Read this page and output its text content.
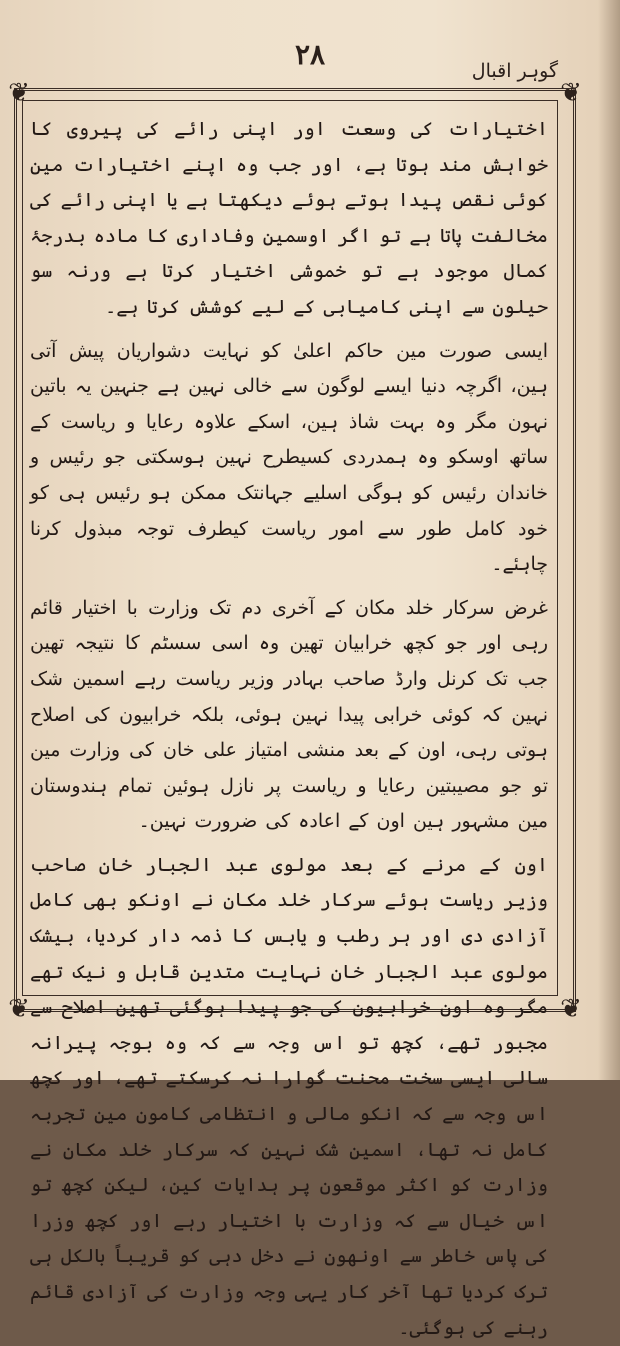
۲۸	گوہر اقبال
❦	❦
❦	❦

اختیارات کی وسعت اور اپنی رائے کی پیروی کا خواہش مند ہوتا ہے، اور جب وہ اپنے اختیارات مین کوئی نقص پیدا ہوتے ہوئے دیکھتا ہے یا اپنی رائے کی مخالفت پاتا ہے تو اگر اوسمین وفاداری کا مادہ بدرجۂ کمال موجود ہے تو خموشی اختیار کرتا ہے ورنہ سو حیلون سے اپنی کامیابی کے لیے کوشش کرتا ہے۔

ایسی صورت مین حاکم اعلیٰ کو نہایت دشواریان پیش آتی ہین، اگرچہ دنیا ایسے لوگون سے خالی نہین ہے جنہین یہ باتین نہون مگر وہ بہت شاذ ہین، اسکے علاوہ رعایا و ریاست کے ساتھ اوسکو وہ ہمدردی کسیطرح نہین ہوسکتی جو رئیس و خاندان رئیس کو ہوگی اسلیے جہانتک ممکن ہو رئیس ہی کو خود کامل طور سے امور ریاست کیطرف توجہ مبذول کرنا چاہئے۔

غرض سرکار خلد مکان کے آخری دم تک وزارت با اختیار قائم رہی اور جو کچھ خرابیان تھین وہ اسی سسٹم کا نتیجہ تھین جب تک کرنل وارڈ صاحب بہادر وزیر ریاست رہے اسمین شک نہین کہ کوئی خرابی پیدا نہین ہوئی، بلکہ خرابیون کی اصلاح ہوتی رہی، اون کے بعد منشی امتیاز علی خان کی وزارت مین تو جو مصیبتین رعایا و ریاست پر نازل ہوئین تمام ہندوستان مین مشہور ہین اون کے اعادہ کی ضرورت نہین۔

اون کے مرنے کے بعد مولوی عبد الجبار خان صاحب وزیر ریاست ہوئے سرکار خلد مکان نے اونکو بھی کامل آزادی دی اور ہر رطب و یابس کا ذمہ دار کردیا، بیشک مولوی عبد الجبار خان نہایت متدین قابل و نیک تھے مگر وہ اون خرابیون کی جو پیدا ہوگئی تھین اصلاح سے مجبور تھے، کچھ تو اس وجہ سے کہ وہ بوجہ پیرانہ سالی ایسی سخت محنت گوارا نہ کرسکتے تھے، اور کچھ اس وجہ سے کہ انکو مالی و انتظامی کامون مین تجربہ کامل نہ تھا، اسمین شک نہین کہ سرکار خلد مکان نے وزارت کو اکثر موقعون پر ہدایات کین، لیکن کچھ تو اس خیال سے کہ وزارت با اختیار رہے اور کچھ وزرا کی پاس خاطر سے اونھون نے دخل دہی کو قریباً بالکل ہی ترک کردیا تھا آخر کار یہی وجہ وزارت کی آزادی قائم رہنے کی ہوگئی۔
